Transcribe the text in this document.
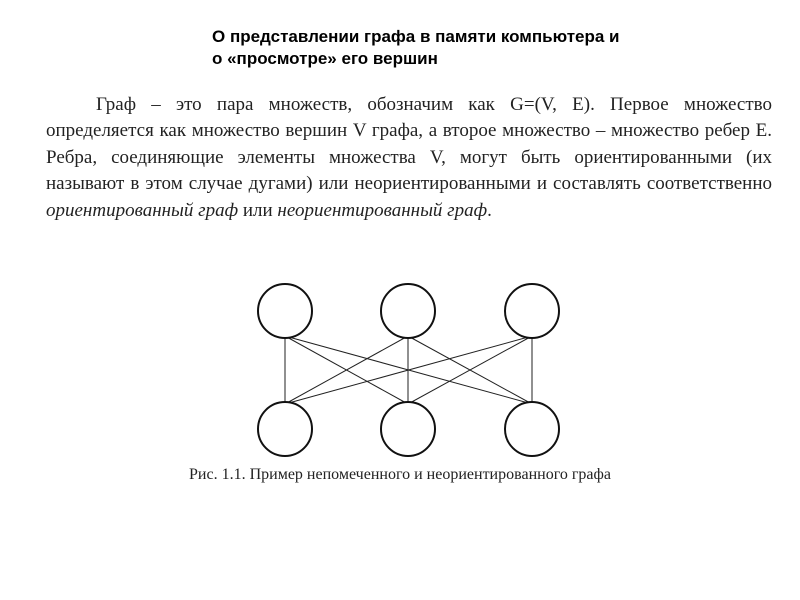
О представлении графа в памяти компьютера и
о «просмотре» его вершин

Граф – это пара множеств, обозначим как G=(V, E). Первое множество определяется как множество вершин V графа, а второе множество – множество ребер E. Ребра, соединяющие элементы множества V, могут быть ориентированными (их называют в этом случае дугами) или неориентированными и составлять соответственно ориентированный граф или неориентированный граф.

Рис. 1.1. Пример непомеченного и неориентированного графа
